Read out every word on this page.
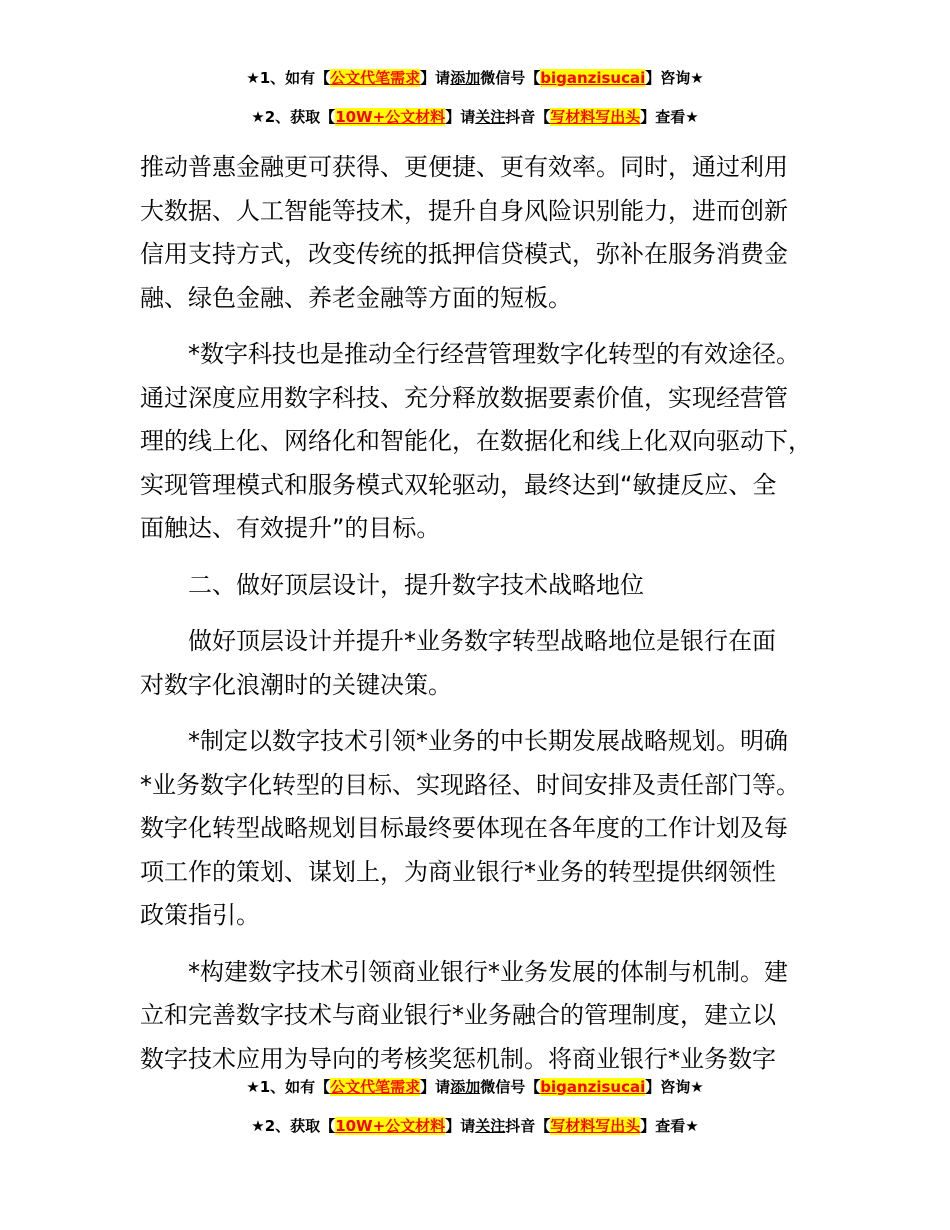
★1、如有【公文代笔需求】请添加微信号【biganzisucai】咨询★
★2、获取【10W+公文材料】请关注抖音【写材料写出头】查看★
推动普惠金融更可获得、更便捷、更有效率。同时，通过利用
大数据、人工智能等技术，提升自身风险识别能力，进而创新
信用支持方式，改变传统的抵押信贷模式，弥补在服务消费金
融、绿色金融、养老金融等方面的短板。
*数字科技也是推动全行经营管理数字化转型的有效途径。
通过深度应用数字科技、充分释放数据要素价值，实现经营管
理的线上化、网络化和智能化，在数据化和线上化双向驱动下，
实现管理模式和服务模式双轮驱动，最终达到“敏捷反应、全
面触达、有效提升”的目标。
二、做好顶层设计，提升数字技术战略地位
做好顶层设计并提升*业务数字转型战略地位是银行在面
对数字化浪潮时的关键决策。
*制定以数字技术引领*业务的中长期发展战略规划。明确
*业务数字化转型的目标、实现路径、时间安排及责任部门等。
数字化转型战略规划目标最终要体现在各年度的工作计划及每
项工作的策划、谋划上，为商业银行*业务的转型提供纲领性
政策指引。
*构建数字技术引领商业银行*业务发展的体制与机制。建
立和完善数字技术与商业银行*业务融合的管理制度，建立以
数字技术应用为导向的考核奖惩机制。将商业银行*业务数字
★1、如有【公文代笔需求】请添加微信号【biganzisucai】咨询★
★2、获取【10W+公文材料】请关注抖音【写材料写出头】查看★
